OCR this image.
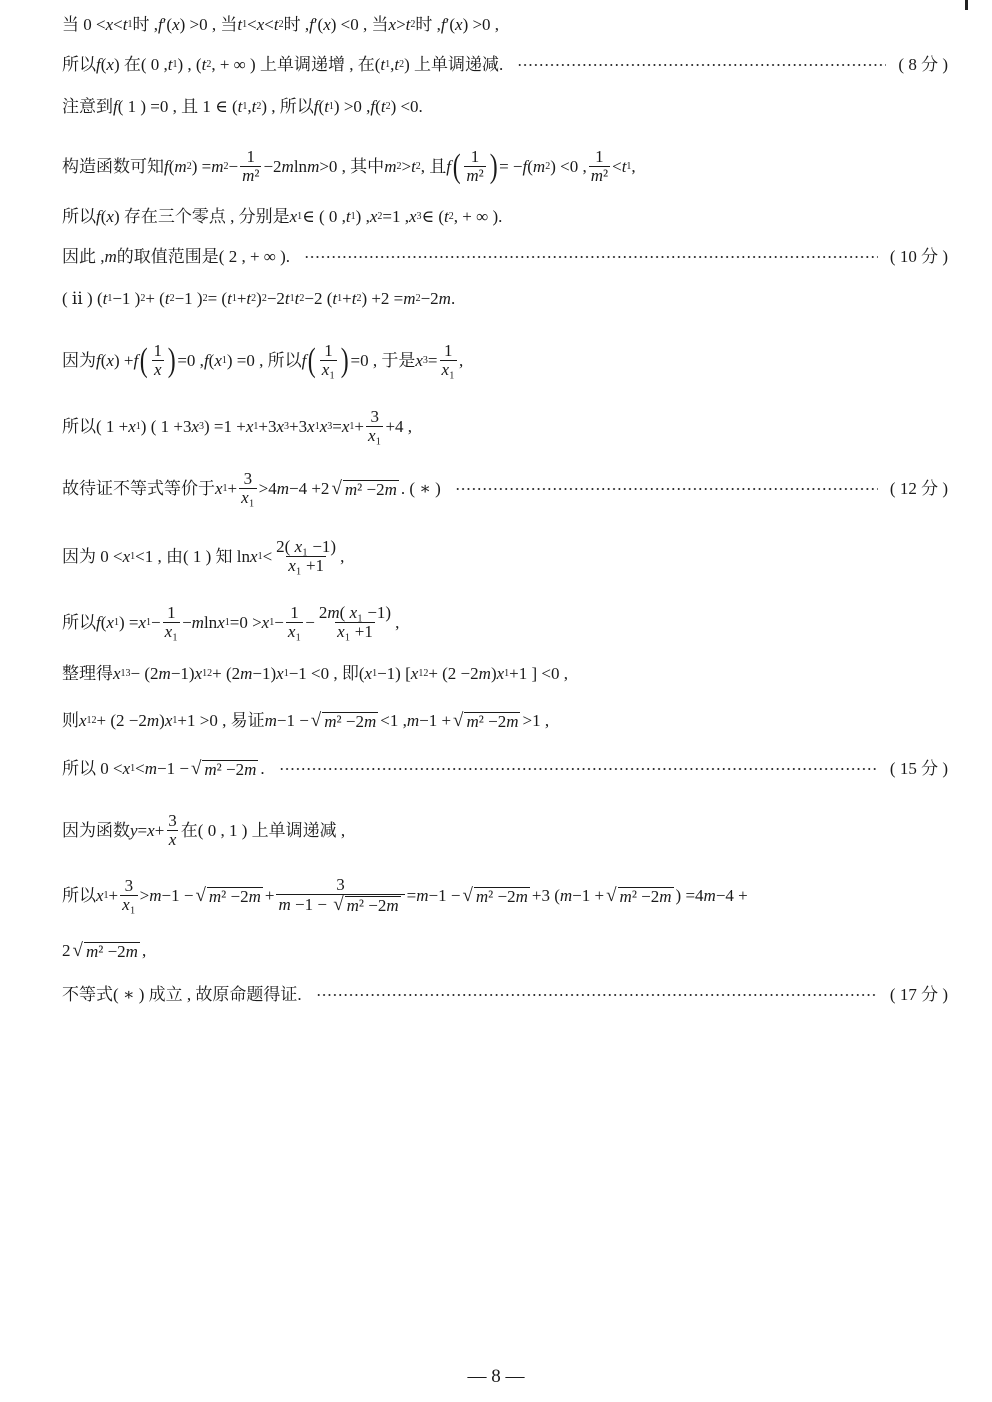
当 0 < x < t 1 时 , f ′( x ) >0 , 当 t 1 < x < t 2 时 , f ′( x ) <0 , 当 x > t 2 时 , f ′( x ) >0 ,
所以 f ( x ) 在( 0 , t 1 ) , ( t 2 , + ∞ ) 上单调递增 , 在( t 1 , t 2 ) 上单调递减.	( 8 分 )
注意到 f ( 1 ) =0 , 且 1 ∈ ( t 1 , t 2 ) , 所以 f ( t 1 ) >0 , f ( t 2 ) <0.
构造函数可知 f ( m 2 ) = m $2 - \frac{1}{\text{m²}} -2$ m ln m >0 , 其中 m 2 > t 2 , 且 f ( $\frac{1}{\text{m²}}$ ) = − f ( m 2 ) <0 , $\frac{1}{\text{m²}} < t$ 1 ,
所以 f ( x ) 存在三个零点 , 分别是 x 1 ∈ ( 0 , t 1 ) , x 2 =1 , x 3 ∈ ( t 2 , + ∞ ).
因此 , m 的取值范围是( 2 , + ∞ ).	( 10 分 )
( ⅱ ) ( t 1 −1 ) 2 + ( t 2 −1 ) 2 = ( t 1 + t 2 ) 2 −2 t 1 t 2 −2 ( t 1 + t 2 ) +2 = m 2 −2 m .
因为 f ( x ) + f ( $\frac{1}{x}$ ) =0 , f ( x 1 ) =0 , 所以 f ( $\frac{1}{\text{x₁}}$ ) =0 , 于是 x $3 = \frac{1}{\text{x₁}}$ ,
所以( 1 + x 1 ) ( 1 +3 x 3 ) =1 + x 1 +3 x 3 +3 x 1 x 3 = x $1 + \frac{3}{\text{x₁}} +4$ ,
故待证不等式等价于 x $1 + \frac{3}{\text{x₁}} >4$ m −4 +2 √ m² −2m . ( ∗ )	( 12 分 )
因为 0 < x 1 <1 , 由( 1 ) 知 ln x $1 < \frac{\text{2( x₁ −1)}}{\text{x₁ +1}}$ ,
所以 f ( x 1 ) = x $1 - \frac{1}{\text{x₁}} - m$ ln x 1 =0 > x $1 - \frac{1}{\text{x₁}} - \frac{\text{2m( x₁ −1)}}{\text{x₁ +1}}$ ,
整理得 x 1 3 − (2 m −1) x 1 2 + (2 m −1) x 1 −1 <0 , 即( x 1 −1) [ x 1 2 + (2 −2 m ) x 1 +1 ] <0 ,
则 x 1 2 + (2 −2 m ) x 1 +1 >0 , 易证 m −1 − √ m² −2m <1 , m −1 + √ m² −2m >1 ,
所以 0 < x 1 < m −1 − √ m² −2m .	( 15 分 )
因为函数 $y = x + \frac{3}{x}$ 在( 0 , 1 ) 上单调递减 ,
所以 x $1 + \frac{3}{\text{x₁}} > m -1$ − √ $m^2 -2m + \frac{3}{\text{m −1 − √ m² −2m}} = m -1$ − √ m² −2m +3 ( m −1 + √ m² −2m ) =4 m −4 +
2 √ m² −2m ,
不等式( ∗ ) 成立 , 故原命题得证.	( 17 分 )
— 8 —
